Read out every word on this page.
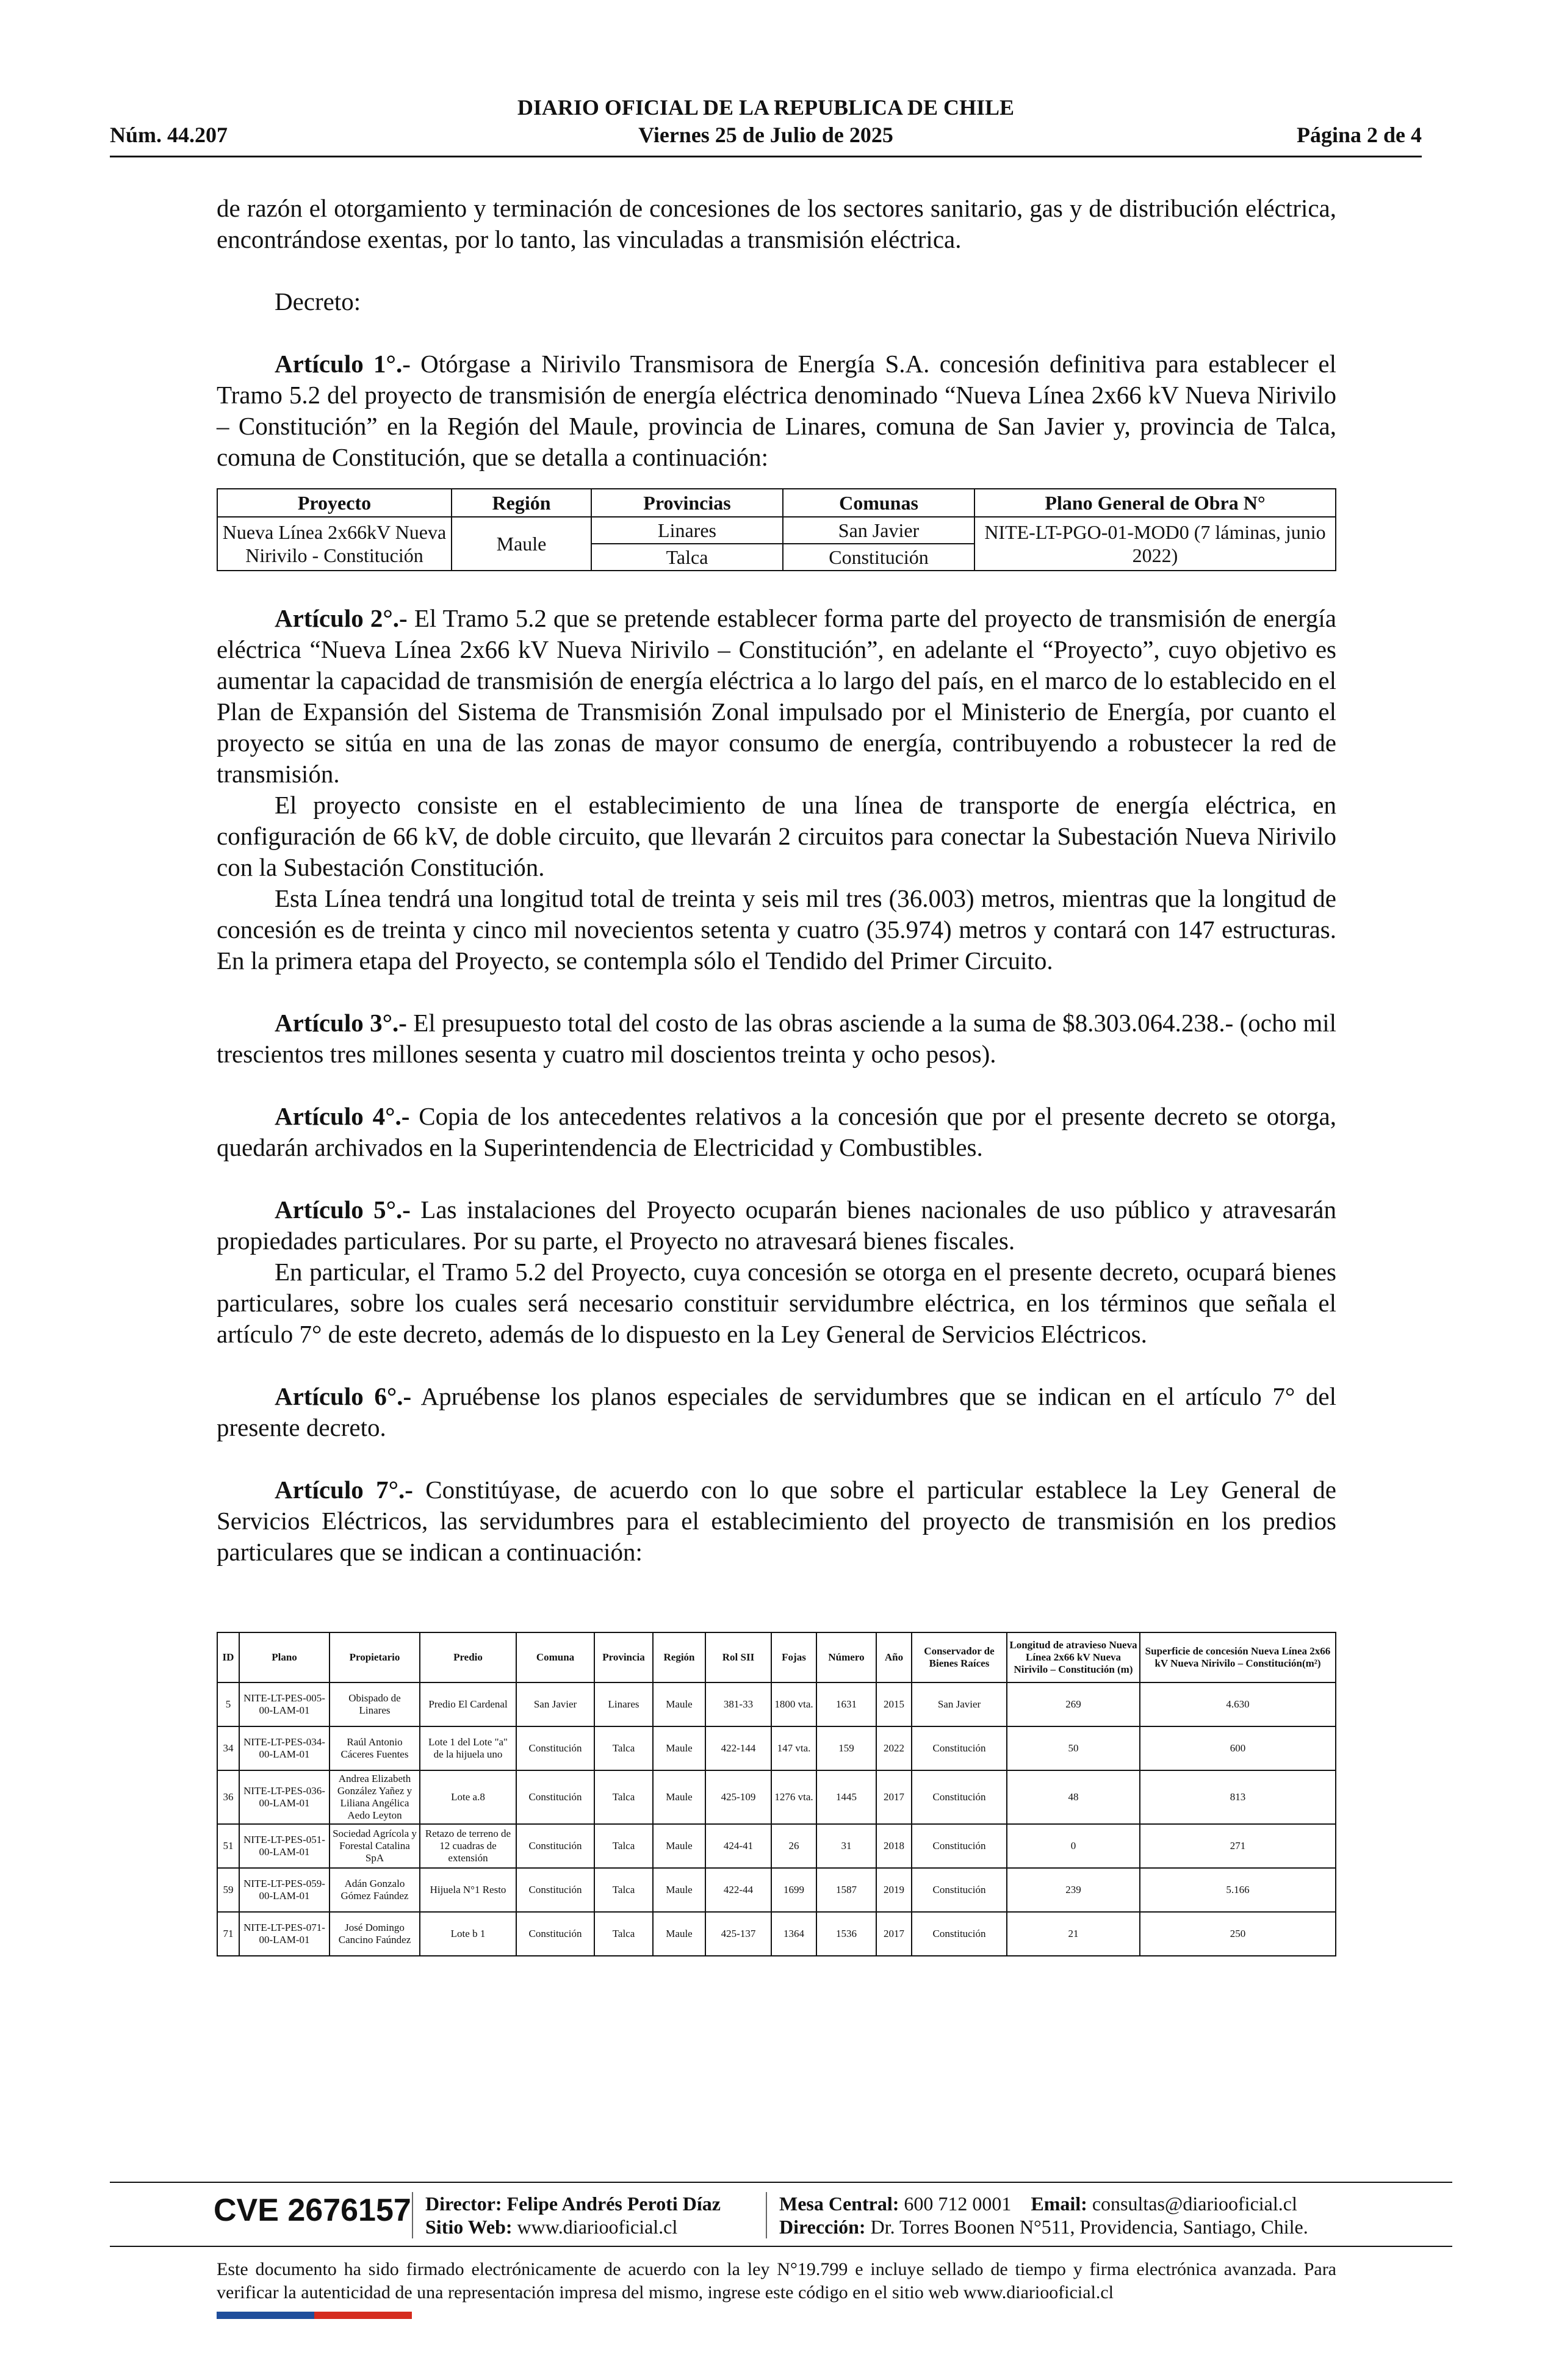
DIARIO OFICIAL DE LA REPUBLICA DE CHILE
Núm. 44.207	Viernes 25 de Julio de 2025	Página 2 de 4

de razón el otorgamiento y terminación de concesiones de los sectores sanitario, gas y de distribución eléctrica, encontrándose exentas, por lo tanto, las vinculadas a transmisión eléctrica.

Decreto:

Artículo 1°.- Otórgase a Nirivilo Transmisora de Energía S.A. concesión definitiva para establecer el Tramo 5.2 del proyecto de transmisión de energía eléctrica denominado “Nueva Línea 2x66 kV Nueva Nirivilo – Constitución” en la Región del Maule, provincia de Linares, comuna de San Javier y, provincia de Talca, comuna de Constitución, que se detalla a continuación:

Proyecto	Región	Provincias	Comunas	Plano General de Obra N°
Nueva Línea 2x66kV Nueva Nirivilo - Constitución	Maule	Linares	San Javier	NITE-LT-PGO-01-MOD0 (7 láminas, junio 2022)
		Talca	Constitución	

Artículo 2°.- El Tramo 5.2 que se pretende establecer forma parte del proyecto de transmisión de energía eléctrica “Nueva Línea 2x66 kV Nueva Nirivilo – Constitución”, en adelante el “Proyecto”, cuyo objetivo es aumentar la capacidad de transmisión de energía eléctrica a lo largo del país, en el marco de lo establecido en el Plan de Expansión del Sistema de Transmisión Zonal impulsado por el Ministerio de Energía, por cuanto el proyecto se sitúa en una de las zonas de mayor consumo de energía, contribuyendo a robustecer la red de transmisión.

El proyecto consiste en el establecimiento de una línea de transporte de energía eléctrica, en configuración de 66 kV, de doble circuito, que llevarán 2 circuitos para conectar la Subestación Nueva Nirivilo con la Subestación Constitución.

Esta Línea tendrá una longitud total de treinta y seis mil tres (36.003) metros, mientras que la longitud de concesión es de treinta y cinco mil novecientos setenta y cuatro (35.974) metros y contará con 147 estructuras. En la primera etapa del Proyecto, se contempla sólo el Tendido del Primer Circuito.

Artículo 3°.- El presupuesto total del costo de las obras asciende a la suma de $8.303.064.238.- (ocho mil trescientos tres millones sesenta y cuatro mil doscientos treinta y ocho pesos).

Artículo 4°.- Copia de los antecedentes relativos a la concesión que por el presente decreto se otorga, quedarán archivados en la Superintendencia de Electricidad y Combustibles.

Artículo 5°.- Las instalaciones del Proyecto ocuparán bienes nacionales de uso público y atravesarán propiedades particulares. Por su parte, el Proyecto no atravesará bienes fiscales.

En particular, el Tramo 5.2 del Proyecto, cuya concesión se otorga en el presente decreto, ocupará bienes particulares, sobre los cuales será necesario constituir servidumbre eléctrica, en los términos que señala el artículo 7° de este decreto, además de lo dispuesto en la Ley General de Servicios Eléctricos.

Artículo 6°.- Apruébense los planos especiales de servidumbres que se indican en el artículo 7° del presente decreto.

Artículo 7°.- Constitúyase, de acuerdo con lo que sobre el particular establece la Ley General de Servicios Eléctricos, las servidumbres para el establecimiento del proyecto de transmisión en los predios particulares que se indican a continuación:

ID	Plano	Propietario	Predio	Comuna	Provincia	Región	Rol SII	Fojas	Número	Año	Conservador de Bienes Raíces	Longitud de atravieso Nueva Línea 2x66 kV Nueva Nirivilo – Constitución (m)	Superficie de concesión Nueva Línea 2x66 kV Nueva Nirivilo – Constitución(m²)
5	NITE-LT-PES-005-00-LAM-01	Obispado de Linares	Predio El Cardenal	San Javier	Linares	Maule	381-33	1800 vta.	1631	2015	San Javier	269	4.630
34	NITE-LT-PES-034-00-LAM-01	Raúl Antonio Cáceres Fuentes	Lote 1 del Lote "a" de la hijuela uno	Constitución	Talca	Maule	422-144	147 vta.	159	2022	Constitución	50	600
36	NITE-LT-PES-036-00-LAM-01	Andrea Elizabeth González Yañez y Liliana Angélica Aedo Leyton	Lote a.8	Constitución	Talca	Maule	425-109	1276 vta.	1445	2017	Constitución	48	813
51	NITE-LT-PES-051-00-LAM-01	Sociedad Agrícola y Forestal Catalina SpA	Retazo de terreno de 12 cuadras de extensión	Constitución	Talca	Maule	424-41	26	31	2018	Constitución	0	271
59	NITE-LT-PES-059-00-LAM-01	Adán Gonzalo Gómez Faúndez	Hijuela N°1 Resto	Constitución	Talca	Maule	422-44	1699	1587	2019	Constitución	239	5.166
71	NITE-LT-PES-071-00-LAM-01	José Domingo Cancino Faúndez	Lote b 1	Constitución	Talca	Maule	425-137	1364	1536	2017	Constitución	21	250
CVE 2676157 Director: Felipe Andrés Peroti Díaz
Sitio Web: www.diariooficial.cl
Mesa Central: 600 712 0001 Email: consultas@diariooficial.cl
Dirección: Dr. Torres Boonen N°511, Providencia, Santiago, Chile.
Este documento ha sido firmado electrónicamente de acuerdo con la ley N°19.799 e incluye sellado de tiempo y firma electrónica avanzada. Para verificar la autenticidad de una representación impresa del mismo, ingrese este código en el sitio web www.diariooficial.cl
